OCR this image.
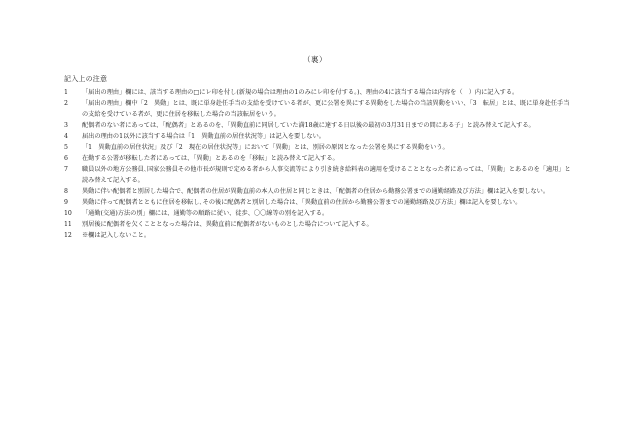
（裏）
記入上の注意
1	「届出の理由」欄には、該当する理由の□にレ印を付し(新規の場合は理由の1のみにレ印を付する。)、理由の4に該当する場合は内容を（　）内に記入する。
2	「届出の理由」欄中「2　異動」とは、既に単身赴任手当の支給を受けている者が、更に公署を異にする異動をした場合の当該異動をいい、「3　転居」とは、既に単身赴任手当の支給を受けている者が、更に住居を移転した場合の当該転居をいう。
3	配偶者のない者にあっては、「配偶者」とあるのを、「異動直前に同居していた満18歳に達する日以後の最初の3月31日までの間にある子」と読み替えて記入する。
4	届出の理由の1以外に該当する場合は「1　異動直前の居住状況等」は記入を要しない。
5	「1　異動直前の居住状況」及び「2　現在の居住状況等」において「異動」とは、別居の原因となった公署を異にする異動をいう。
6	在勤する公署が移転した者にあっては、「異動」とあるのを「移転」と読み替えて記入する。
7	職員以外の地方公務員､国家公務員その他市長が規則で定める者から人事交流等により引き続き給料表の適用を受けることとなった者にあっては、「異動」とあるのを「適用」と読み替えて記入する。
8	異動に伴い配偶者と別居した場合で、配偶者の住居が異動直前の本人の住居と同じときは、「配偶者の住居から勤務公署までの通勤経路及び方法」欄は記入を要しない。
9	異動に伴って配偶者とともに住居を移転し､その後に配偶者と別居した場合は、「異動直前の住居から勤務公署までの通勤経路及び方法」欄は記入を要しない。
10	「通勤(交通)方法の別」欄には、通勤等の順路に従い、徒歩、〇〇線等の別を記入する。
11	別居後に配偶者を欠くこととなった場合は、異動直前に配偶者がないものとした場合について記入する。
12	※欄は記入しないこと。
